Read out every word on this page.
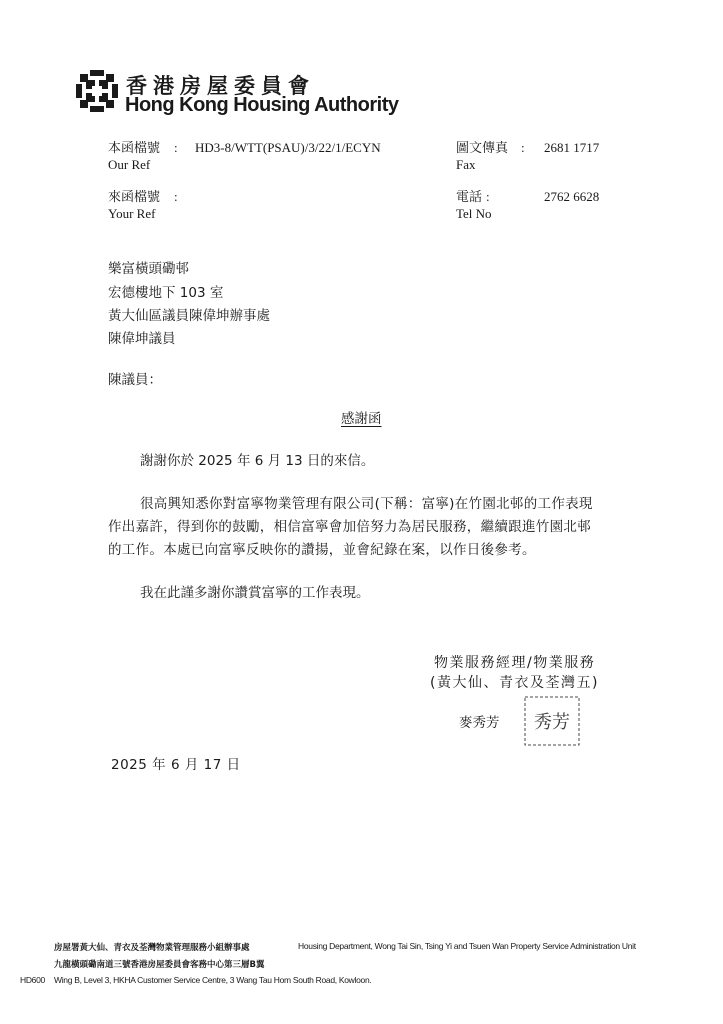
香港房屋委員會
Hong Kong Housing Authority
本函檔號 : HD3-8/WTT(PSAU)/3/22/1/ECYN
Our Ref
來函檔號 :
Your Ref
圖文傳真 : 2681 1717
Fax
電話 :	2762 6628
Tel No
樂富橫頭磡邨
宏德樓地下 103 室
黃大仙區議員陳偉坤辦事處
陳偉坤議員
陳議員：
感謝函
謝謝你於 2025 年 6 月 13 日的來信。
很高興知悉你對富寧物業管理有限公司(下稱：富寧)在竹園北邨的工作表現
作出嘉許，得到你的鼓勵，相信富寧會加倍努力為居民服務，繼續跟進竹園北邨
的工作。本處已向富寧反映你的讚揚，並會紀錄在案，以作日後參考。
我在此謹多謝你讚賞富寧的工作表現。
物業服務經理/物業服務
(黃大仙、青衣及荃灣五)
麥秀芳 秀芳
2025 年 6 月 17 日
房屋署黃大仙、青衣及荃灣物業管理服務小組辦事處	Housing Department, Wong Tai Sin, Tsing Yi and Tsuen Wan Property Service Administration Unit
九龍橫頭磡南道三號香港房屋委員會客務中心第三層B翼
HD600 Wing B, Level 3, HKHA Customer Service Centre, 3 Wang Tau Hom South Road, Kowloon.
